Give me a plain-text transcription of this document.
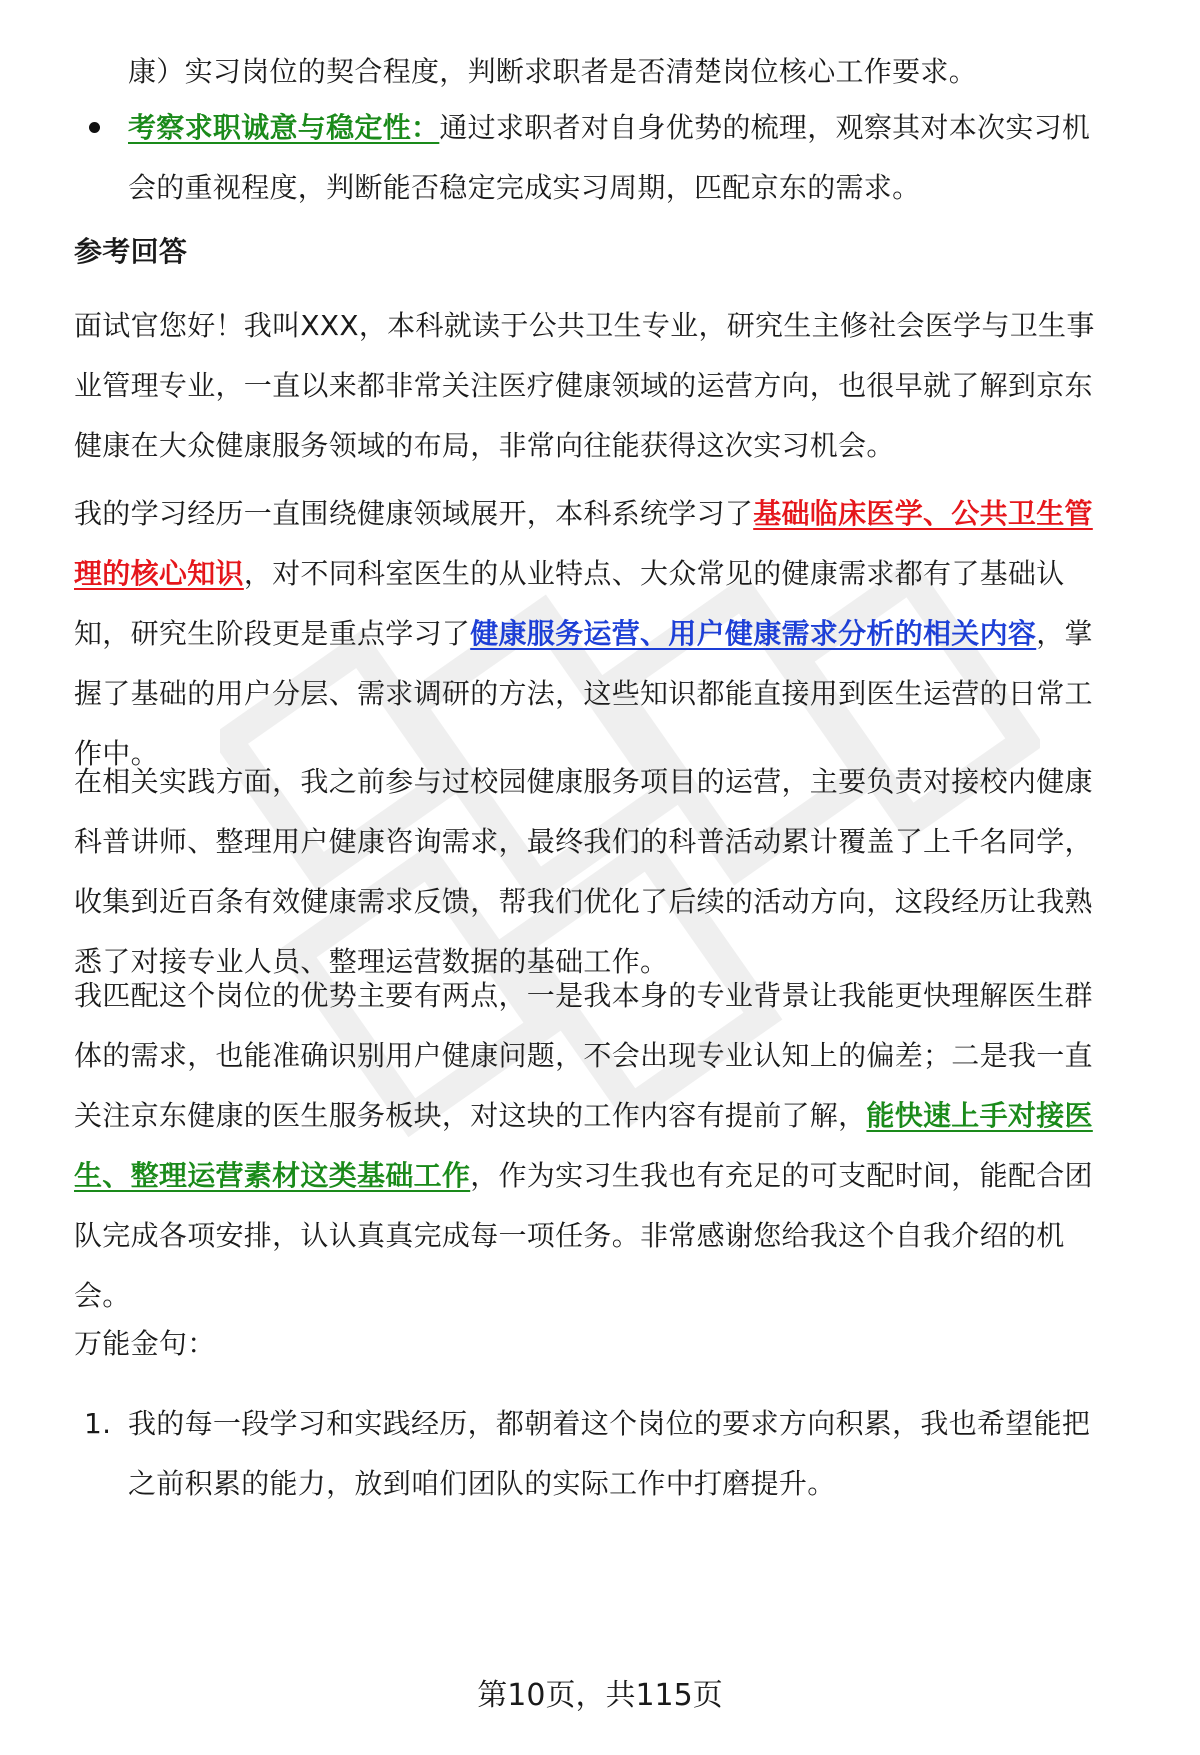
康）实习岗位的契合程度，判断求职者是否清楚岗位核心工作要求。
考察求职诚意与稳定性：通过求职者对自身优势的梳理，观察其对本次实习机
会的重视程度，判断能否稳定完成实习周期，匹配京东的需求。
参考回答
面试官您好！我叫XXX，本科就读于公共卫生专业，研究生主修社会医学与卫生事
业管理专业，一直以来都非常关注医疗健康领域的运营方向，也很早就了解到京东
健康在大众健康服务领域的布局，非常向往能获得这次实习机会。
我的学习经历一直围绕健康领域展开，本科系统学习了基础临床医学、公共卫生管
理的核心知识，对不同科室医生的从业特点、大众常见的健康需求都有了基础认
知，研究生阶段更是重点学习了健康服务运营、用户健康需求分析的相关内容，掌
握了基础的用户分层、需求调研的方法，这些知识都能直接用到医生运营的日常工
作中。
在相关实践方面，我之前参与过校园健康服务项目的运营，主要负责对接校内健康
科普讲师、整理用户健康咨询需求，最终我们的科普活动累计覆盖了上千名同学，
收集到近百条有效健康需求反馈，帮我们优化了后续的活动方向，这段经历让我熟
悉了对接专业人员、整理运营数据的基础工作。
我匹配这个岗位的优势主要有两点，一是我本身的专业背景让我能更快理解医生群
体的需求，也能准确识别用户健康问题，不会出现专业认知上的偏差；二是我一直
关注京东健康的医生服务板块，对这块的工作内容有提前了解，能快速上手对接医
生、整理运营素材这类基础工作，作为实习生我也有充足的可支配时间，能配合团
队完成各项安排，认认真真完成每一项任务。非常感谢您给我这个自我介绍的机
会。
万能金句：
1. 我的每一段学习和实践经历，都朝着这个岗位的要求方向积累，我也希望能把
之前积累的能力，放到咱们团队的实际工作中打磨提升。
第10页，共115页
